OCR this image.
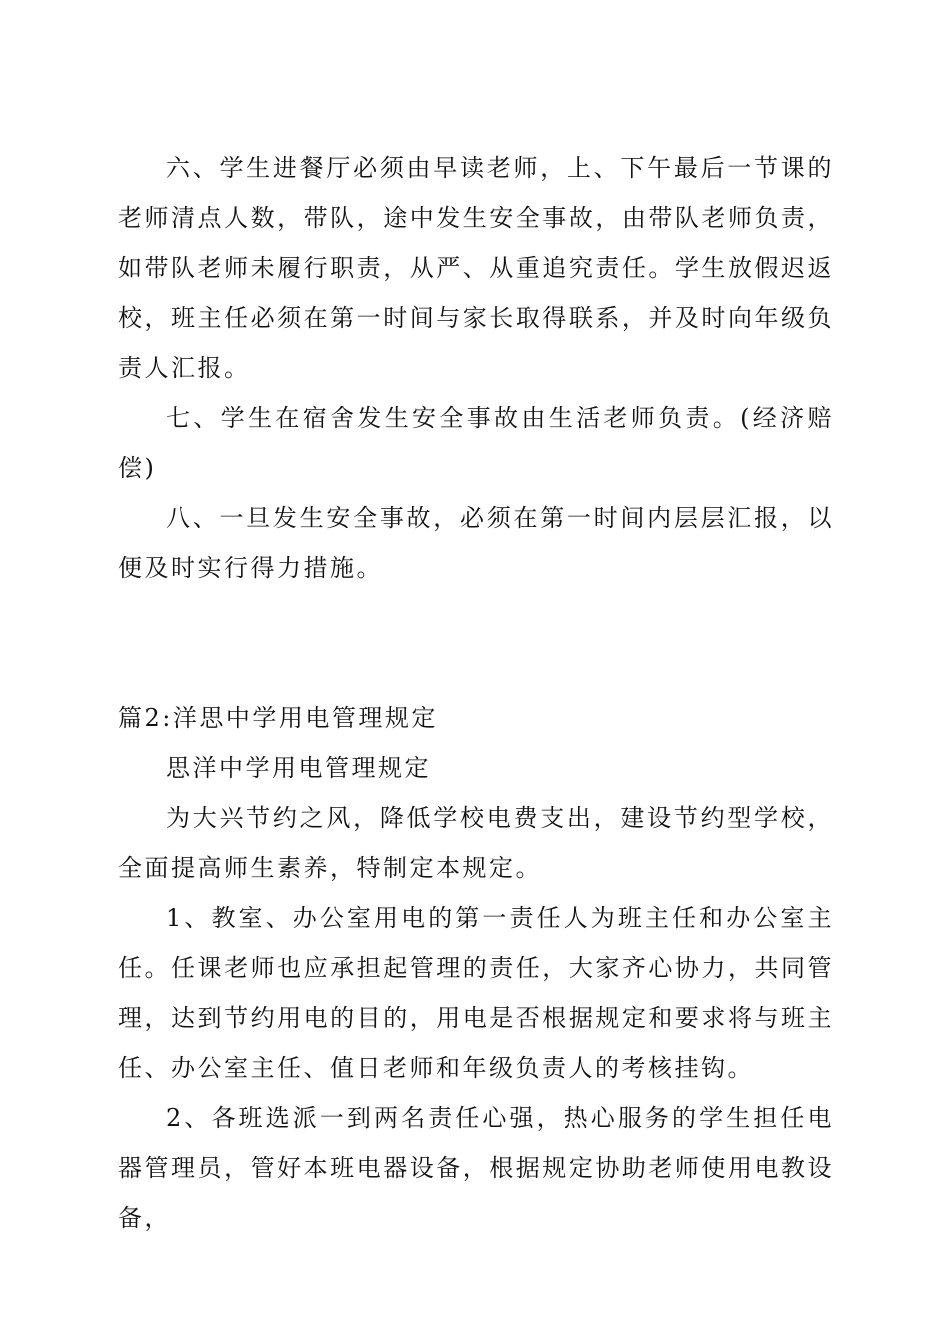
六、学生进餐厅必须由早读老师，上、下午最后一节课的老师清点人数，带队，途中发生安全事故，由带队老师负责，如带队老师未履行职责，从严、从重追究责任。学生放假迟返校，班主任必须在第一时间与家长取得联系，并及时向年级负责人汇报。

七、学生在宿舍发生安全事故由生活老师负责。(经济赔偿)

八、一旦发生安全事故，必须在第一时间内层层汇报，以便及时实行得力措施。

篇2:洋思中学用电管理规定

思洋中学用电管理规定

为大兴节约之风，降低学校电费支出，建设节约型学校，全面提高师生素养，特制定本规定。

1、教室、办公室用电的第一责任人为班主任和办公室主任。任课老师也应承担起管理的责任，大家齐心协力，共同管理，达到节约用电的目的，用电是否根据规定和要求将与班主任、办公室主任、值日老师和年级负责人的考核挂钩。

2、各班选派一到两名责任心强，热心服务的学生担任电器管理员，管好本班电器设备，根据规定协助老师使用电教设备，
